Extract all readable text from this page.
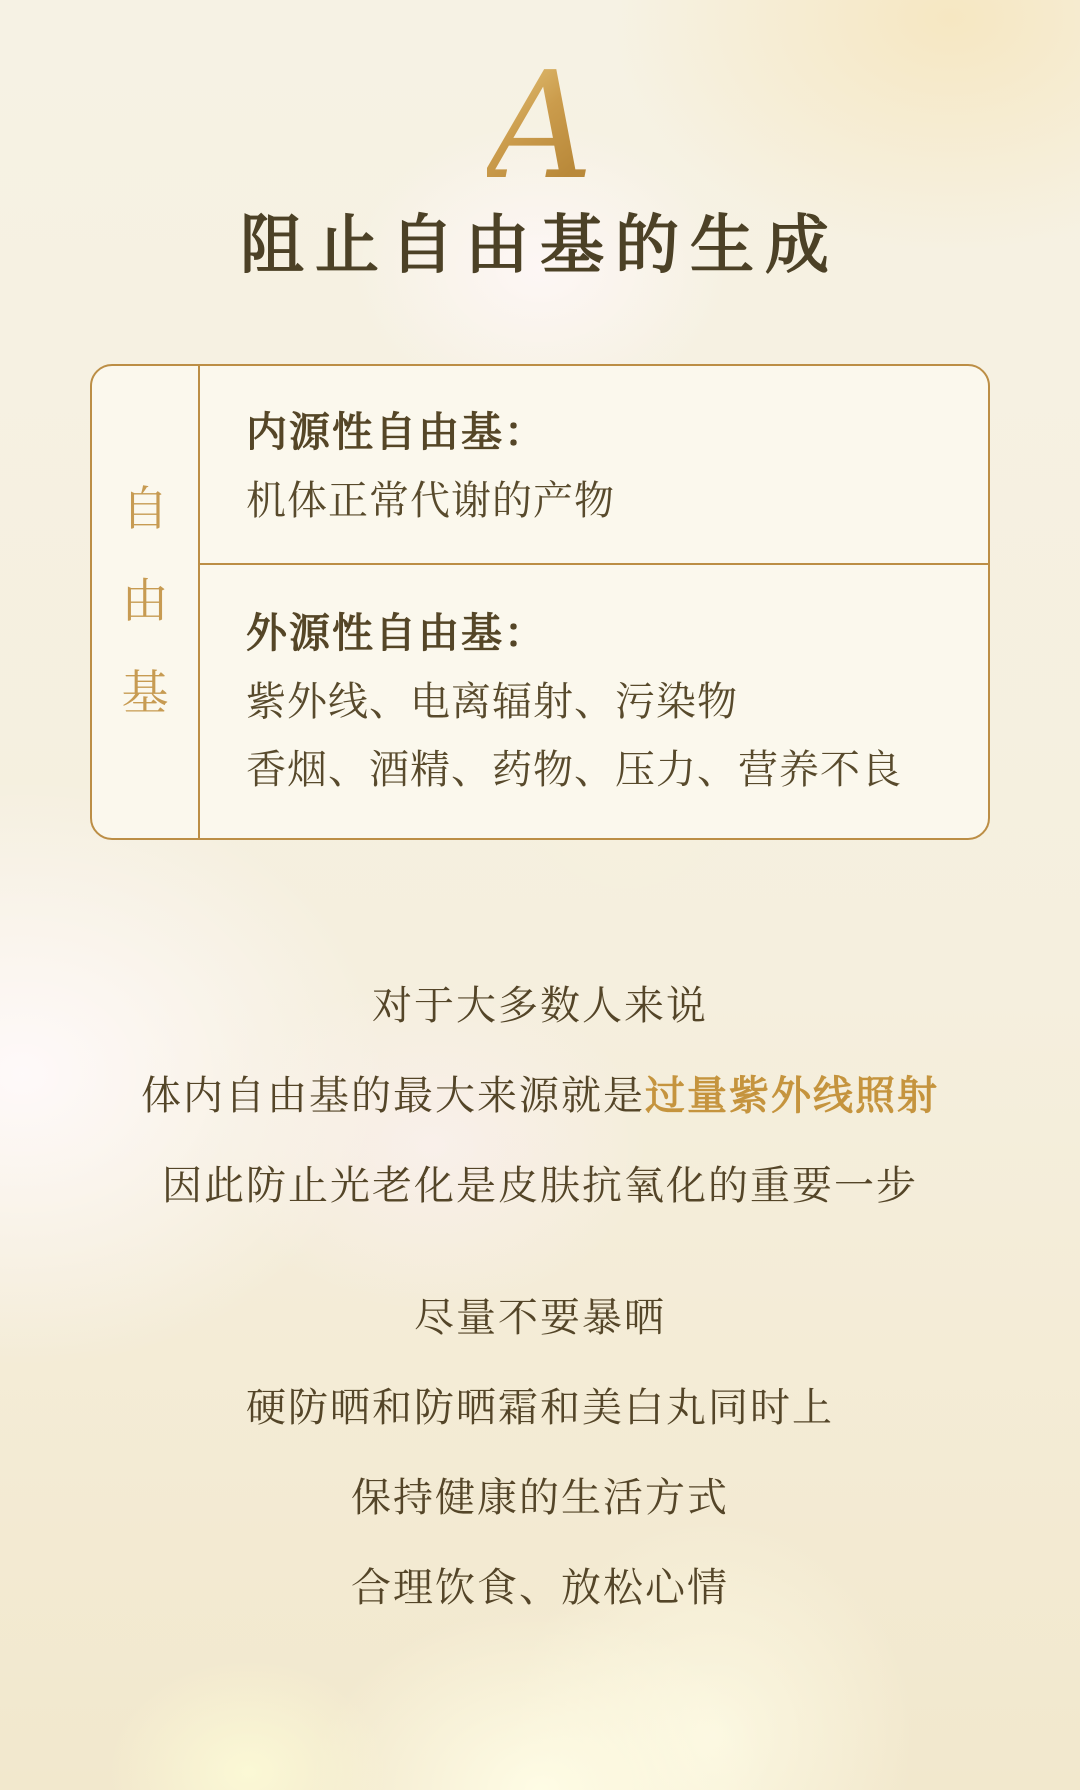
A
阻止自由基的生成
自
由
基
内源性自由基：
机体正常代谢的产物
外源性自由基：
紫外线、电离辐射、污染物
香烟、酒精、药物、压力、营养不良

对于大多数人来说

体内自由基的最大来源就是过量紫外线照射

因此防止光老化是皮肤抗氧化的重要一步

尽量不要暴晒

硬防晒和防晒霜和美白丸同时上

保持健康的生活方式

合理饮食、放松心情
